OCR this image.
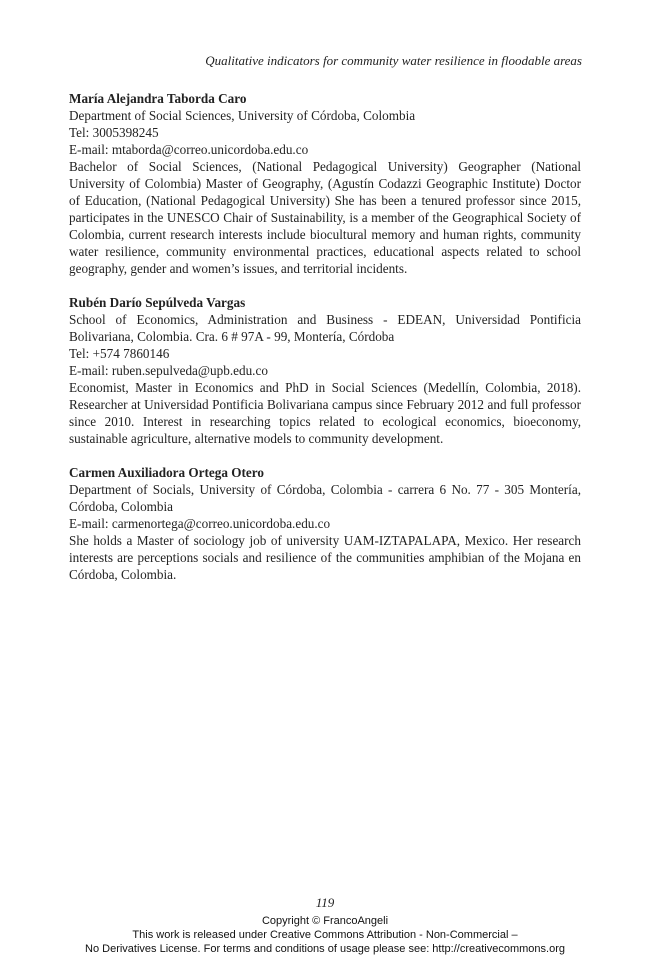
Qualitative indicators for community water resilience in floodable areas
María Alejandra Taborda Caro
Department of Social Sciences, University of Córdoba, Colombia
Tel: 3005398245
E-mail: mtaborda@correo.unicordoba.edu.co
Bachelor of Social Sciences, (National Pedagogical University) Geographer (National University of Colombia) Master of Geography, (Agustín Codazzi Geographic Institute) Doctor of Education, (National Pedagogical University) She has been a tenured professor since 2015, participates in the UNESCO Chair of Sustainability, is a member of the Geographical Society of Colombia, current research interests include biocultural memory and human rights, community water resilience, community environmental practices, educational aspects related to school geography, gender and women’s issues, and territorial incidents.
Rubén Darío Sepúlveda Vargas
School of Economics, Administration and Business - EDEAN, Universidad Pontificia Bolivariana, Colombia. Cra. 6 # 97A - 99, Montería, Córdoba
Tel: +574 7860146
E-mail: ruben.sepulveda@upb.edu.co
Economist, Master in Economics and PhD in Social Sciences (Medellín, Colombia, 2018). Researcher at Universidad Pontificia Bolivariana campus since February 2012 and full professor since 2010. Interest in researching topics related to ecological economics, bioeconomy, sustainable agriculture, alternative models to community development.
Carmen Auxiliadora Ortega Otero
Department of Socials, University of Córdoba, Colombia - carrera 6 No. 77 - 305 Montería, Córdoba, Colombia
E-mail: carmenortega@correo.unicordoba.edu.co
She holds a Master of sociology job of university UAM-IZTAPALAPA, Mexico. Her research interests are perceptions socials and resilience of the communities amphibian of the Mojana en Córdoba, Colombia.
119
Copyright © FrancoAngeli
This work is released under Creative Commons Attribution - Non-Commercial –
No Derivatives License. For terms and conditions of usage please see: http://creativecommons.org
